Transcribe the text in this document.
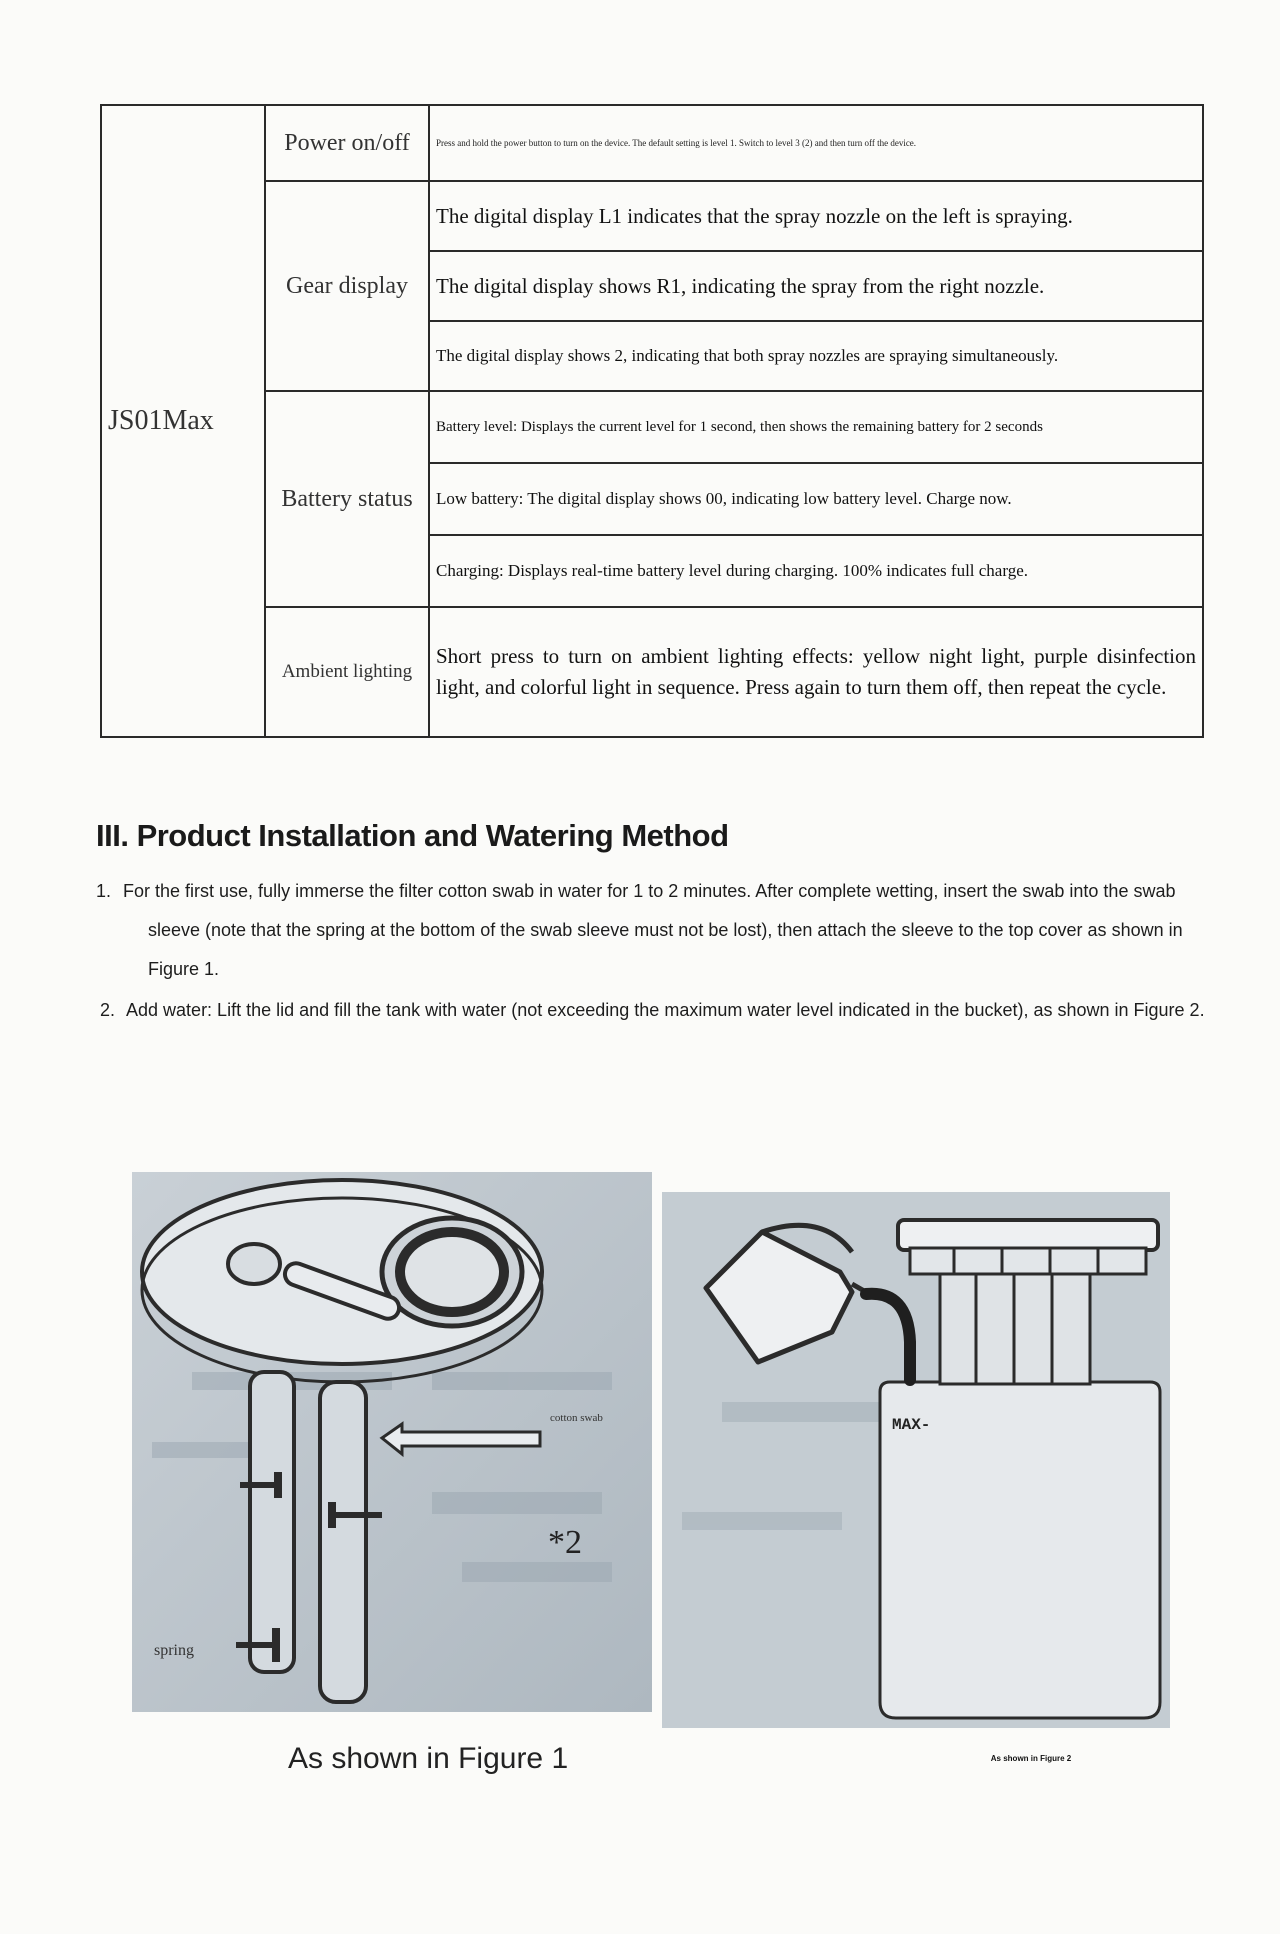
JS01Max	Power on/off	Press and hold the power button to turn on the device. The default setting is level 1. Switch to level 3 (2) and then turn off the device.
	Gear display	The digital display L1 indicates that the spray nozzle on the left is spraying.
		The digital display shows R1, indicating the spray from the right nozzle.
		The digital display shows 2, indicating that both spray nozzles are spraying simultaneously.
	Battery status	Battery level: Displays the current level for 1 second, then shows the remaining battery for 2 seconds
		Low battery: The digital display shows 00, indicating low battery level. Charge now.
		Charging: Displays real-time battery level during charging. 100% indicates full charge.
	Ambient lighting	Short press to turn on ambient lighting effects: yellow night light, purple disinfection light, and colorful light in sequence. Press again to turn them off, then repeat the cycle.
III. Product Installation and Watering Method
1. For the first use, fully immerse the filter cotton swab in water for 1 to 2 minutes. After complete wetting, insert the swab into the swab sleeve (note that the spring at the bottom of the swab sleeve must not be lost), then attach the sleeve to the top cover as shown in Figure 1.
2. Add water: Lift the lid and fill the tank with water (not exceeding the maximum water level indicated in the bucket), as shown in Figure 2.
cotton swab
*2
spring
As shown in Figure 1
MAX-
As shown in Figure 2
